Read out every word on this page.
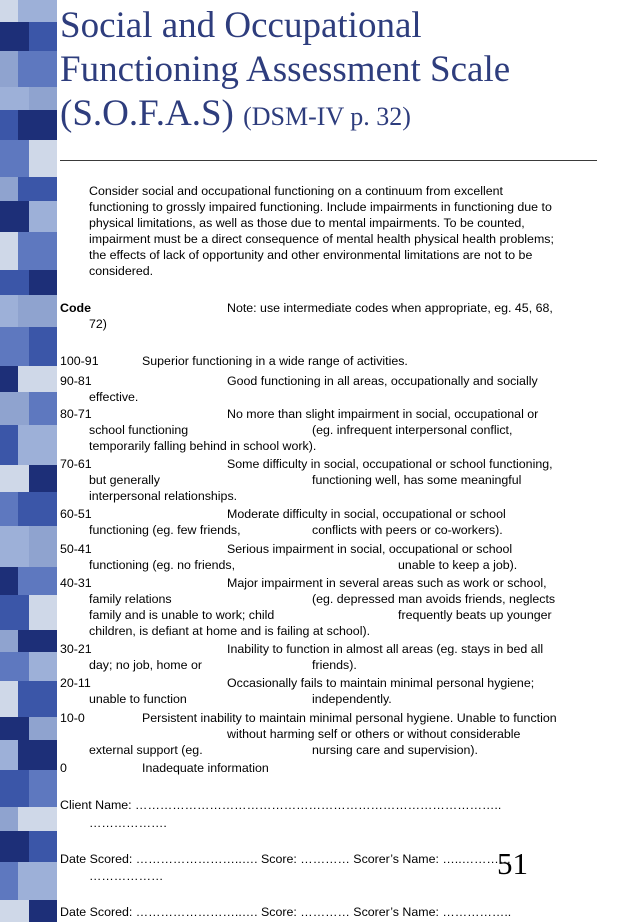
Social and Occupational
Functioning Assessment Scale
(S.O.F.A.S) (DSM-IV p. 32)
Consider social and occupational functioning on a continuum from excellent
functioning to grossly impaired functioning. Include impairments in functioning due to
physical limitations, as well as those due to mental impairments. To be counted,
impairment must be a direct consequence of mental health physical health problems;
the effects of lack of opportunity and other environmental limitations are not to be
considered.
Code	Note: use intermediate codes when appropriate, eg. 45, 68,
72)
100-91	Superior functioning in a wide range of activities.
90-81	Good functioning in all areas, occupationally and socially
effective.
80-71	No more than slight impairment in social, occupational or
school functioning	(eg. infrequent interpersonal conflict,
temporarily falling behind in school work).
70-61	Some difficulty in social, occupational or school functioning,
but generally	functioning well, has some meaningful
interpersonal relationships.
60-51	Moderate difficulty in social, occupational or school
functioning (eg. few friends,	conflicts with peers or co-workers).
50-41	Serious impairment in social, occupational or school
functioning (eg. no friends,	unable to keep a job).
40-31	Major impairment in several areas such as work or school,
family relations	(eg. depressed man avoids friends, neglects
family and is unable to work; child	frequently beats up younger
children, is defiant at home and is failing at school).
30-21	Inability to function in almost all areas (eg. stays in bed all
day; no job, home or	friends).
20-11	Occasionally fails to maintain minimal personal hygiene;
unable to function	independently.
10-0	Persistent inability to maintain minimal personal hygiene. Unable to function
without harming self or others or without considerable
external support (eg.	nursing care and supervision).
0	Inadequate information
Client Name: ……………………………………………………………………………..
……………….
Date Scored: ……………………..…. Score: ………… Scorer’s Name: …..…………
………………
Date Scored: ……………………..…. Score: ………… Scorer’s Name: ……………..
51
